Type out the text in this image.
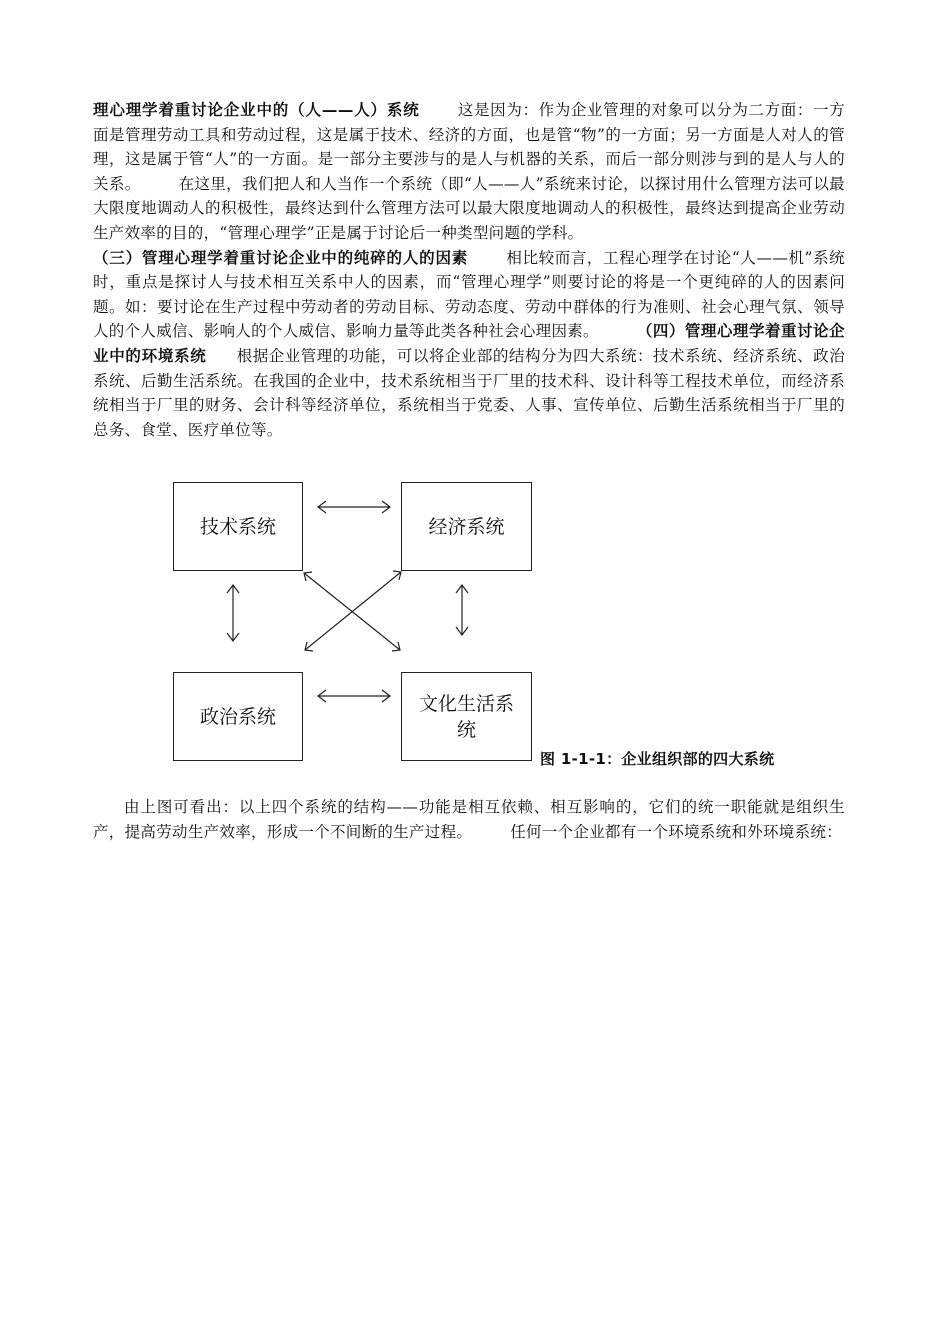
理心理学着重讨论企业中的（人——人）系统 这是因为：作为企业管理的对象可以分为二方面：一方面是管理劳动工具和劳动过程，这是属于技术、经济的方面，也是管“物”的一方面；另一方面是人对人的管理，这是属于管“人”的一方面。是一部分主要涉与的是人与机器的关系，而后一部分则涉与到的是人与人的关系。 在这里，我们把人和人当作一个系统（即“人——人”系统来讨论，以探讨用什么管理方法可以最大限度地调动人的积极性，最终达到什么管理方法可以最大限度地调动人的积极性，最终达到提高企业劳动生产效率的目的，“管理心理学”正是属于讨论后一种类型问题的学科。
（三）管理心理学着重讨论企业中的纯碎的人的因素 相比较而言，工程心理学在讨论“人——机”系统时，重点是探讨人与技术相互关系中人的因素，而“管理心理学”则要讨论的将是一个更纯碎的人的因素问题。如：要讨论在生产过程中劳动者的劳动目标、劳动态度、劳动中群体的行为准则、社会心理气氛、领导人的个人威信、影响人的个人威信、影响力量等此类各种社会心理因素。 （四）管理心理学着重讨论企业中的环境系统 根据企业管理的功能，可以将企业部的结构分为四大系统：技术系统、经济系统、政治系统、后勤生活系统。在我国的企业中，技术系统相当于厂里的技术科、设计科等工程技术单位，而经济系统相当于厂里的财务、会计科等经济单位，系统相当于党委、人事、宣传单位、后勤生活系统相当于厂里的总务、食堂、医疗单位等。
技术系统	经济系统
政治系统
文化生活系统
图 1-1-1：企业组织部的四大系统
由上图可看出：以上四个系统的结构——功能是相互依赖、相互影响的，它们的统一职能就是组织生产，提高劳动生产效率，形成一个不间断的生产过程。 任何一个企业都有一个环境系统和外环境系统：
